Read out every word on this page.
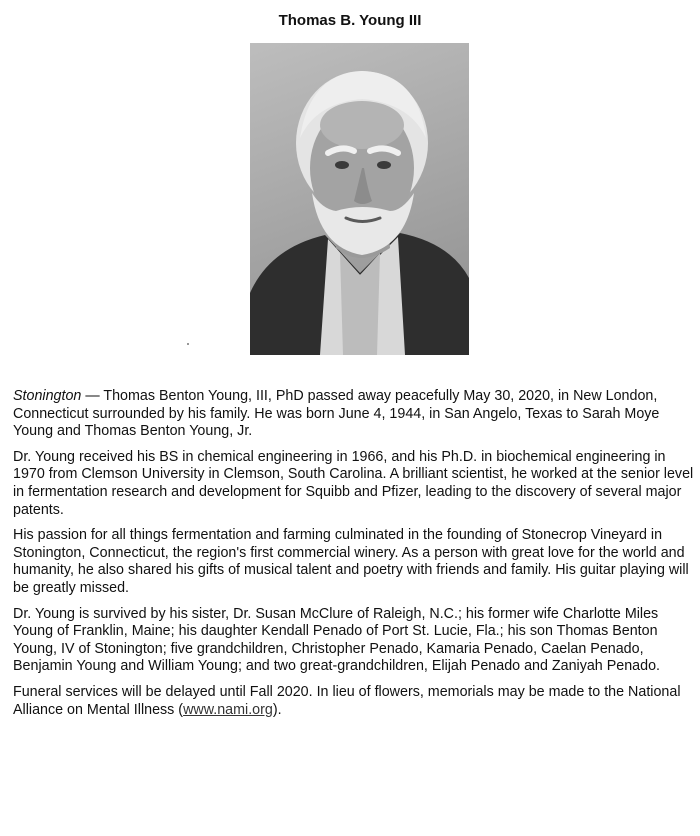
Thomas B. Young III

Stonington — Thomas Benton Young, III, PhD passed away peacefully May 30, 2020, in New London, Connecticut surrounded by his family. He was born June 4, 1944, in San Angelo, Texas to Sarah Moye Young and Thomas Benton Young, Jr.

Dr. Young received his BS in chemical engineering in 1966, and his Ph.D. in biochemical engineering in 1970 from Clemson University in Clemson, South Carolina. A brilliant scientist, he worked at the senior level in fermentation research and development for Squibb and Pfizer, leading to the discovery of several major patents.

His passion for all things fermentation and farming culminated in the founding of Stonecrop Vineyard in Stonington, Connecticut, the region's first commercial winery. As a person with great love for the world and humanity, he also shared his gifts of musical talent and poetry with friends and family. His guitar playing will be greatly missed.

Dr. Young is survived by his sister, Dr. Susan McClure of Raleigh, N.C.; his former wife Charlotte Miles Young of Franklin, Maine; his daughter Kendall Penado of Port St. Lucie, Fla.; his son Thomas Benton Young, IV of Stonington; five grandchildren, Christopher Penado, Kamaria Penado, Caelan Penado, Benjamin Young and William Young; and two great-grandchildren, Elijah Penado and Zaniyah Penado.

Funeral services will be delayed until Fall 2020. In lieu of flowers, memorials may be made to the National Alliance on Mental Illness (www.nami.org).
